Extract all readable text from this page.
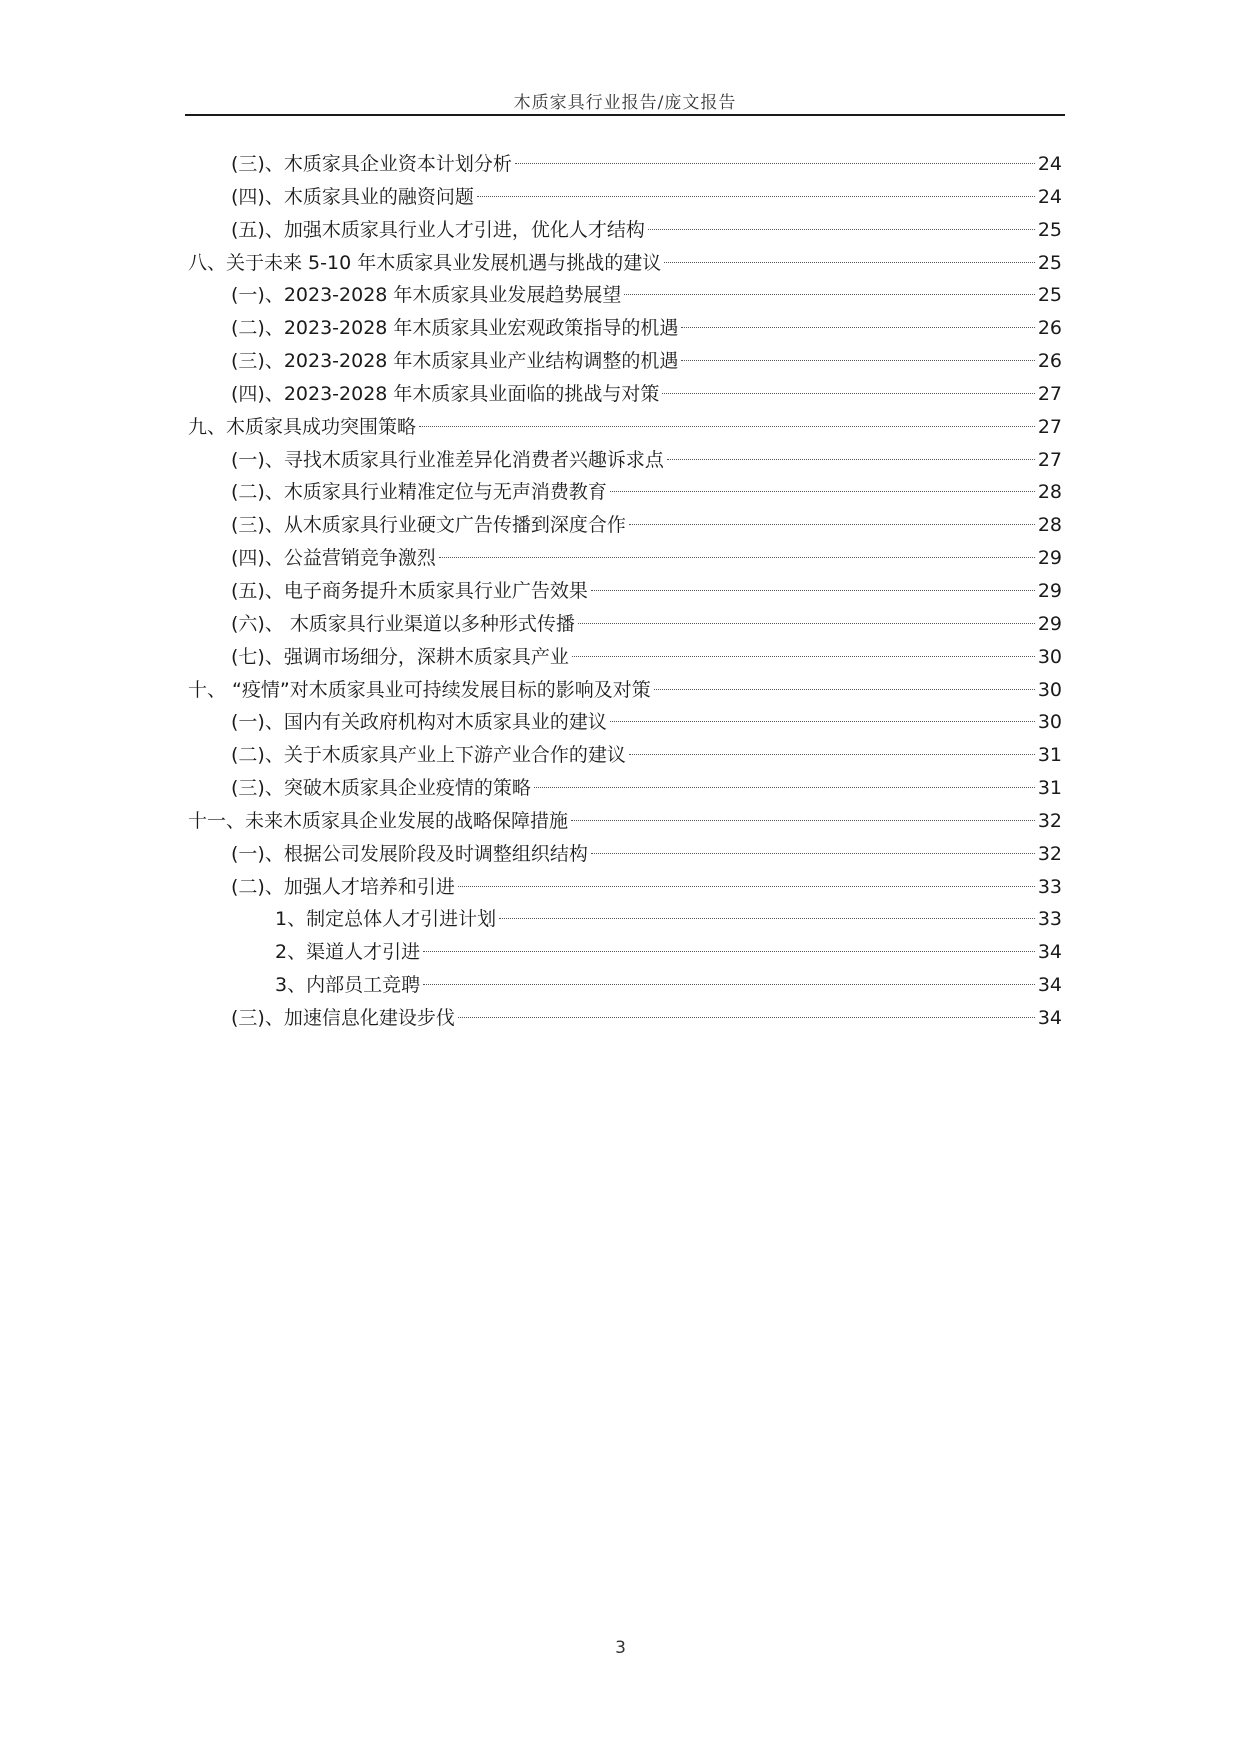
木质家具行业报告/庞文报告
(三)、木质家具企业资本计划分析	24
(四)、木质家具业的融资问题	24
(五)、加强木质家具行业人才引进，优化人才结构	25
八、关于未来 5-10 年木质家具业发展机遇与挑战的建议	25
(一)、2023-2028 年木质家具业发展趋势展望	25
(二)、2023-2028 年木质家具业宏观政策指导的机遇	26
(三)、2023-2028 年木质家具业产业结构调整的机遇	26
(四)、2023-2028 年木质家具业面临的挑战与对策	27
九、木质家具成功突围策略	27
(一)、寻找木质家具行业准差异化消费者兴趣诉求点	27
(二)、木质家具行业精准定位与无声消费教育	28
(三)、从木质家具行业硬文广告传播到深度合作	28
(四)、公益营销竞争激烈	29
(五)、电子商务提升木质家具行业广告效果	29
(六)、 木质家具行业渠道以多种形式传播	29
(七)、强调市场细分，深耕木质家具产业	30
十、 “疫情”对木质家具业可持续发展目标的影响及对策	30
(一)、国内有关政府机构对木质家具业的建议	30
(二)、关于木质家具产业上下游产业合作的建议	31
(三)、突破木质家具企业疫情的策略	31
十一、未来木质家具企业发展的战略保障措施	32
(一)、根据公司发展阶段及时调整组织结构	32
(二)、加强人才培养和引进	33
1、制定总体人才引进计划	33
2、渠道人才引进	34
3、内部员工竞聘	34
(三)、加速信息化建设步伐	34
3
